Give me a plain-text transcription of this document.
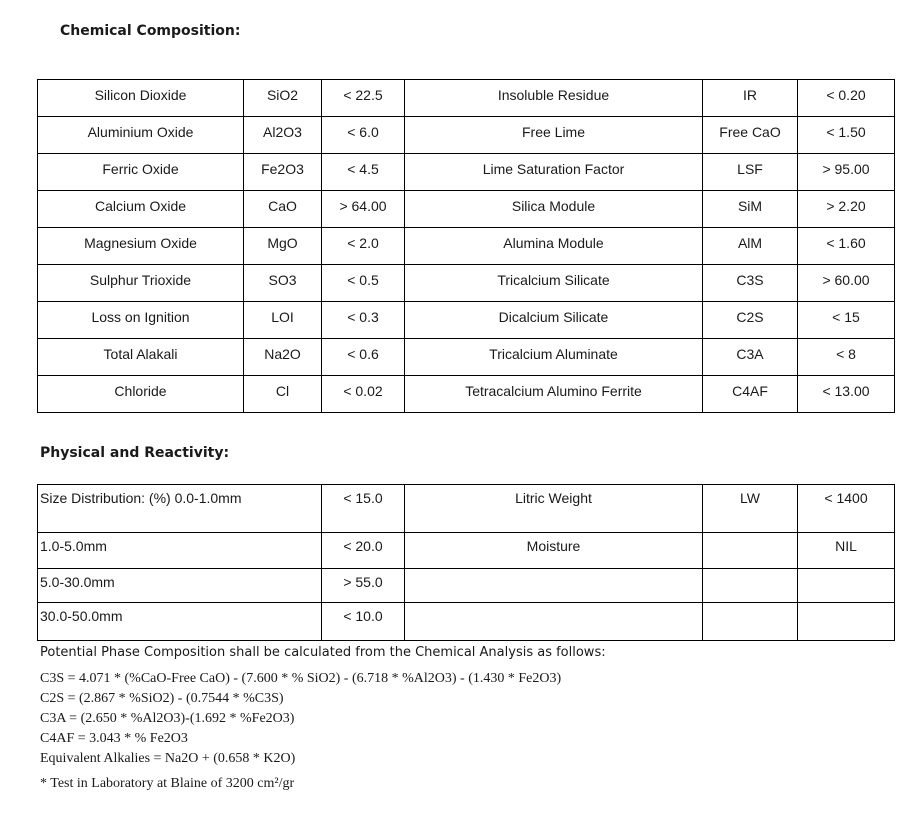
Chemical Composition:
Silicon Dioxide	SiO2	< 22.5	Insoluble Residue	IR	< 0.20
Aluminium Oxide	Al2O3	< 6.0	Free Lime	Free CaO	< 1.50
Ferric Oxide	Fe2O3	< 4.5	Lime Saturation Factor	LSF	> 95.00
Calcium Oxide	CaO	> 64.00	Silica Module	SiM	> 2.20
Magnesium Oxide	MgO	< 2.0	Alumina Module	AlM	< 1.60
Sulphur Trioxide	SO3	< 0.5	Tricalcium Silicate	C3S	> 60.00
Loss on Ignition	LOI	< 0.3	Dicalcium Silicate	C2S	< 15
Total Alakali	Na2O	< 0.6	Tricalcium Aluminate	C3A	< 8
Chloride	Cl	< 0.02	Tetracalcium Alumino Ferrite	C4AF	< 13.00
Physical and Reactivity:
Size Distribution: (%) 0.0-1.0mm	< 15.0	Litric Weight	LW	< 1400
1.0-5.0mm	< 20.0	Moisture		NIL
5.0-30.0mm	> 55.0			
30.0-50.0mm	< 10.0			
Potential Phase Composition shall be calculated from the Chemical Analysis as follows:
C3S = 4.071 * (%CaO-Free CaO) - (7.600 * % SiO2) - (6.718 * %Al2O3) - (1.430 * Fe2O3)
C2S = (2.867 * %SiO2) - (0.7544 * %C3S)
C3A = (2.650 * %Al2O3)-(1.692 * %Fe2O3)
C4AF = 3.043 * % Fe2O3
Equivalent Alkalies = Na2O + (0.658 * K2O)
* Test in Laboratory at Blaine of 3200 cm²/gr
